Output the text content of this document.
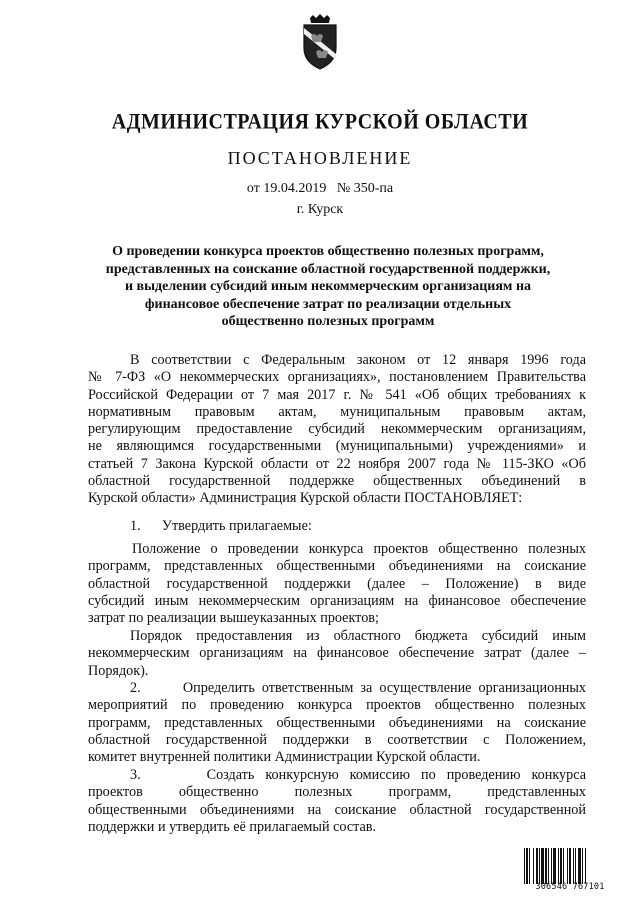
АДМИНИСТРАЦИЯ КУРСКОЙ ОБЛАСТИ
ПОСТАНОВЛЕНИЕ
от 19.04.2019   № 350-па
г. Курск
О проведении конкурса проектов общественно полезных программ,
представленных на соискание областной государственной поддержки,
и выделении субсидий иным некоммерческим организациям на
финансовое обеспечение затрат по реализации отдельных
общественно полезных программ
В соответствии с Федеральным законом от 12 января 1996 года
№ 7-ФЗ «О некоммерческих организациях», постановлением Правительства
Российской Федерации от 7 мая 2017 г. № 541 «Об общих требованиях к
нормативным правовым актам, муниципальным правовым актам,
регулирующим предоставление субсидий некоммерческим организациям,
не являющимся государственными (муниципальными) учреждениями» и
статьей 7 Закона Курской области от 22 ноября 2007 года № 115-ЗКО «Об
областной государственной поддержке общественных объединений в
Курской области» Администрация Курской области ПОСТАНОВЛЯЕТ:
1.      Утвердить прилагаемые:
Положение о проведении конкурса проектов общественно полезных
программ, представленных общественными объединениями на соискание
областной государственной поддержки (далее – Положение) в виде
субсидий иным некоммерческим организациям на финансовое обеспечение
затрат по реализации вышеуказанных проектов;
Порядок предоставления из областного бюджета субсидий иным
некоммерческим организациям на финансовое обеспечение затрат (далее –
Порядок).
2.      Определить ответственным за осуществление организационных
мероприятий по проведению конкурса проектов общественно полезных
программ, представленных общественными объединениями на соискание
областной государственной поддержки в соответствии с Положением,
комитет внутренней политики Администрации Курской области.
3.      Создать конкурсную комиссию по проведению конкурса
проектов общественно полезных программ, представленных
общественными объединениями на соискание областной государственной
поддержки и утвердить её прилагаемый состав.
306546 767101
